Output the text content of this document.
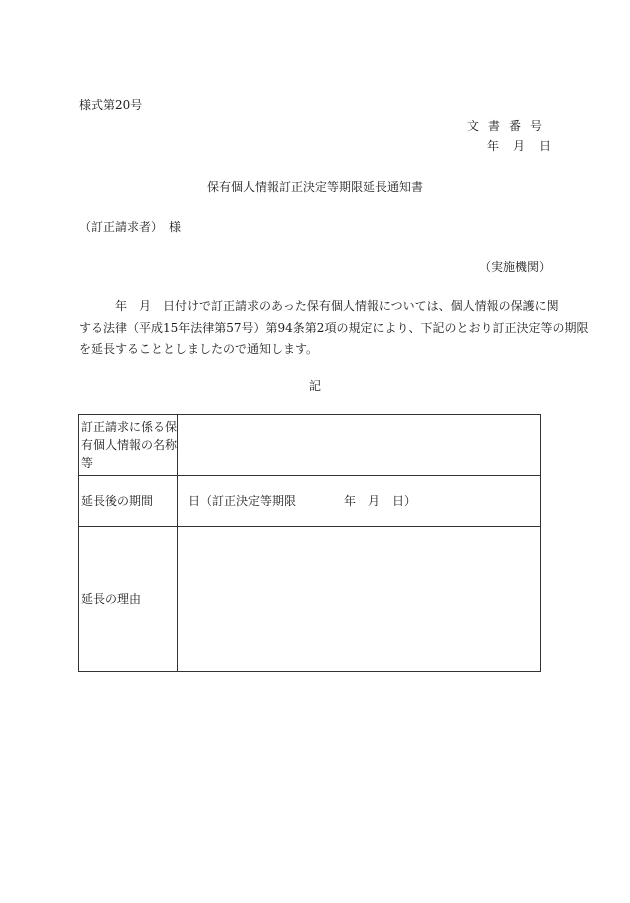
様式第20号
文書番号
年 月 日
保有個人情報訂正決定等期限延長通知書
（訂正請求者）　様
（実施機関）
年　月　日付けで訂正請求のあった保有個人情報については、個人情報の保護に関
する法律（平成15年法律第57号）第94条第2項の規定により、下記のとおり訂正決定等の期限
を延長することとしましたので通知します。
記
訂正請求に係る保有個人情報の名称等	

延長後の期間	日（訂正決定等期限 年　月　日）
延長の理由	
